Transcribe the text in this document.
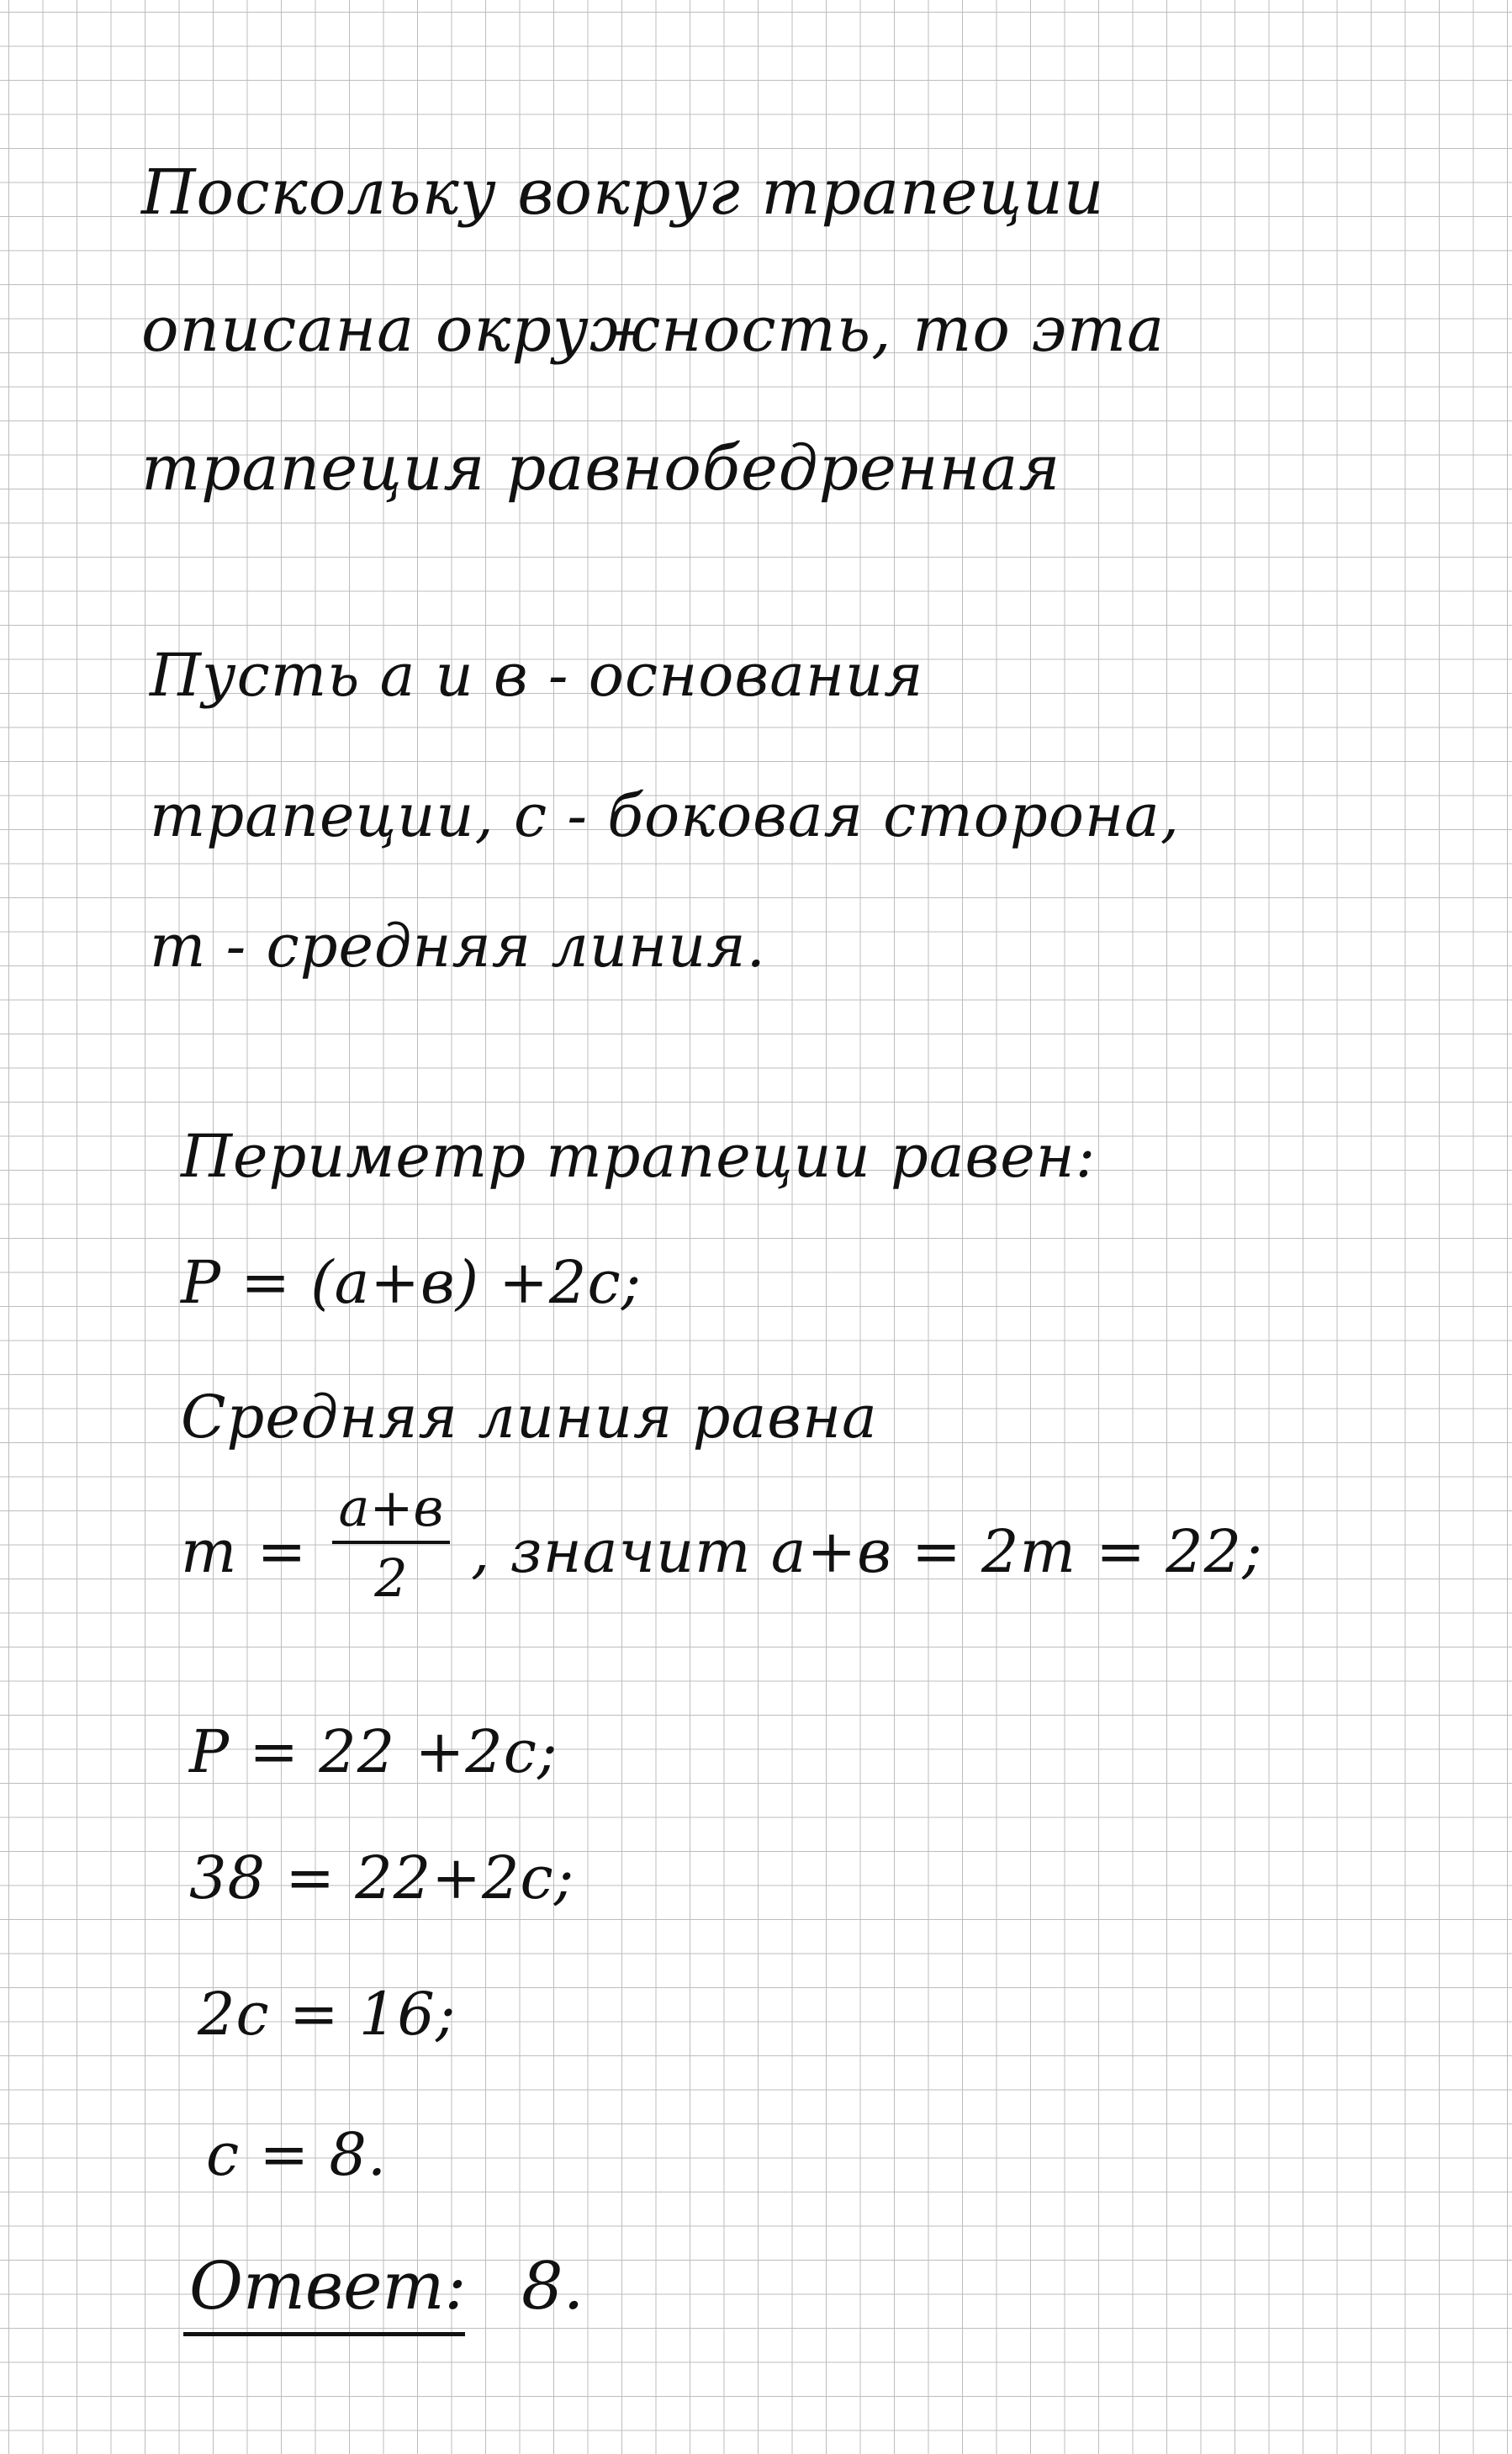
Поскольку вокруг трапеции
описана окружность, то эта
трапеция равнобедренная
Пусть a и в - основания
трапеции, с - боковая сторона,
m - средняя линия.
Периметр трапеции равен:
P = (a+в) +2c;
Средняя линия равна
m =
a+в
2	, значит a+в = 2m = 22;
P = 22 +2c;
38 = 22+2c;
2c = 16;
c = 8.
Ответ: 8.
